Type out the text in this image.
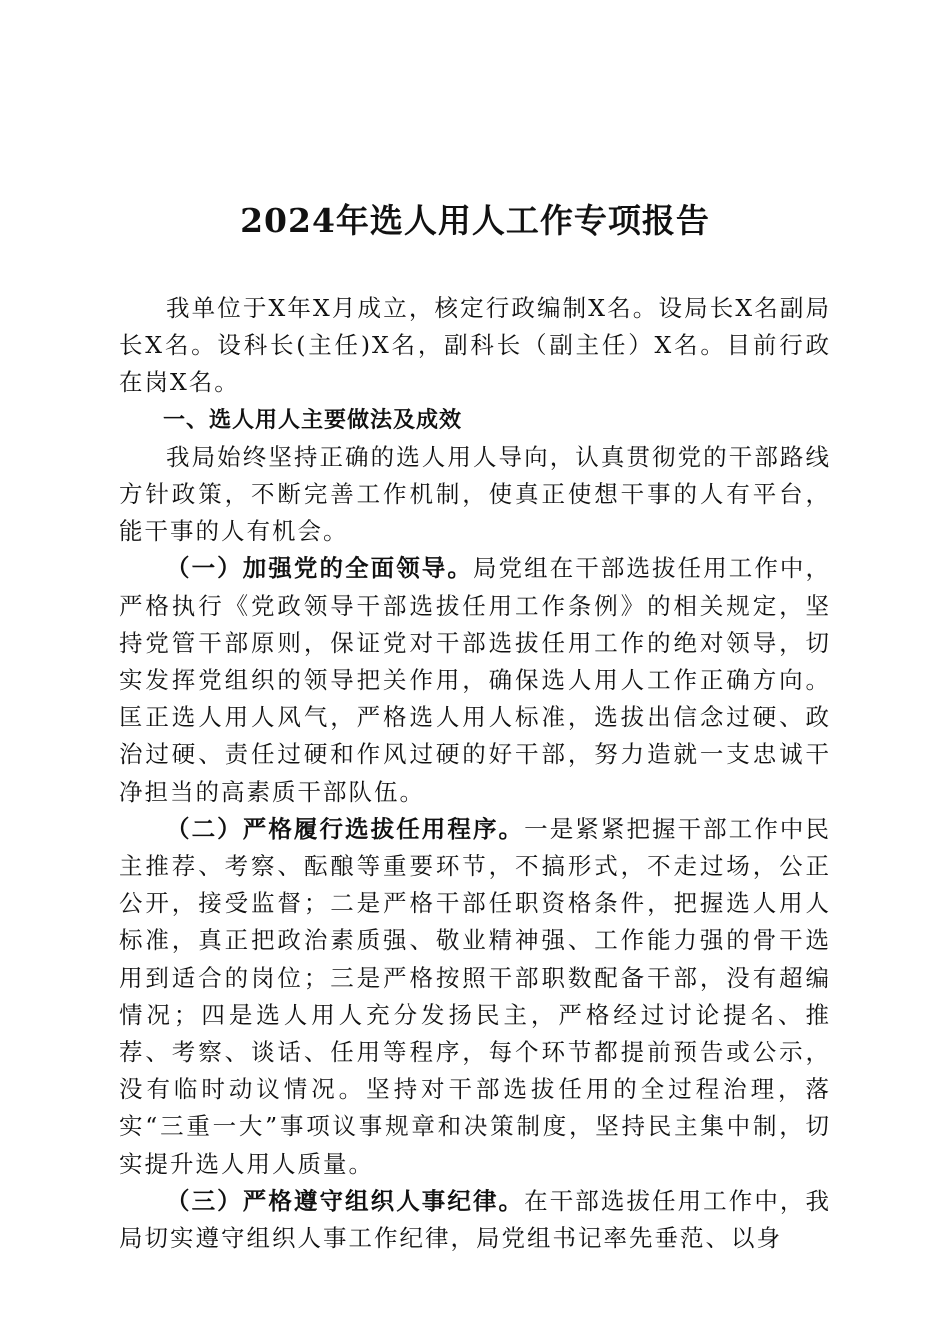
2024年选人用人工作专项报告

我单位于X年X月成立，核定行政编制X名。设局长X名副局长X名。设科长(主任)X名，副科长（副主任）X名。目前行政在岗X名。

一、选人用人主要做法及成效

我局始终坚持正确的选人用人导向，认真贯彻党的干部路线方针政策，不断完善工作机制，使真正使想干事的人有平台，能干事的人有机会。

（一）加强党的全面领导。局党组在干部选拔任用工作中，严格执行《党政领导干部选拔任用工作条例》的相关规定，坚持党管干部原则，保证党对干部选拔任用工作的绝对领导，切实发挥党组织的领导把关作用，确保选人用人工作正确方向。匡正选人用人风气，严格选人用人标准，选拔出信念过硬、政治过硬、责任过硬和作风过硬的好干部，努力造就一支忠诚干净担当的高素质干部队伍。

（二）严格履行选拔任用程序。一是紧紧把握干部工作中民主推荐、考察、酝酿等重要环节，不搞形式，不走过场，公正公开，接受监督；二是严格干部任职资格条件，把握选人用人标准，真正把政治素质强、敬业精神强、工作能力强的骨干选用到适合的岗位；三是严格按照干部职数配备干部，没有超编情况；四是选人用人充分发扬民主，严格经过讨论提名、推荐、考察、谈话、任用等程序，每个环节都提前预告或公示，没有临时动议情况。坚持对干部选拔任用的全过程治理，落实“三重一大”事项议事规章和决策制度，坚持民主集中制，切实提升选人用人质量。

（三）严格遵守组织人事纪律。在干部选拔任用工作中，我局切实遵守组织人事工作纪律，局党组书记率先垂范、以身
